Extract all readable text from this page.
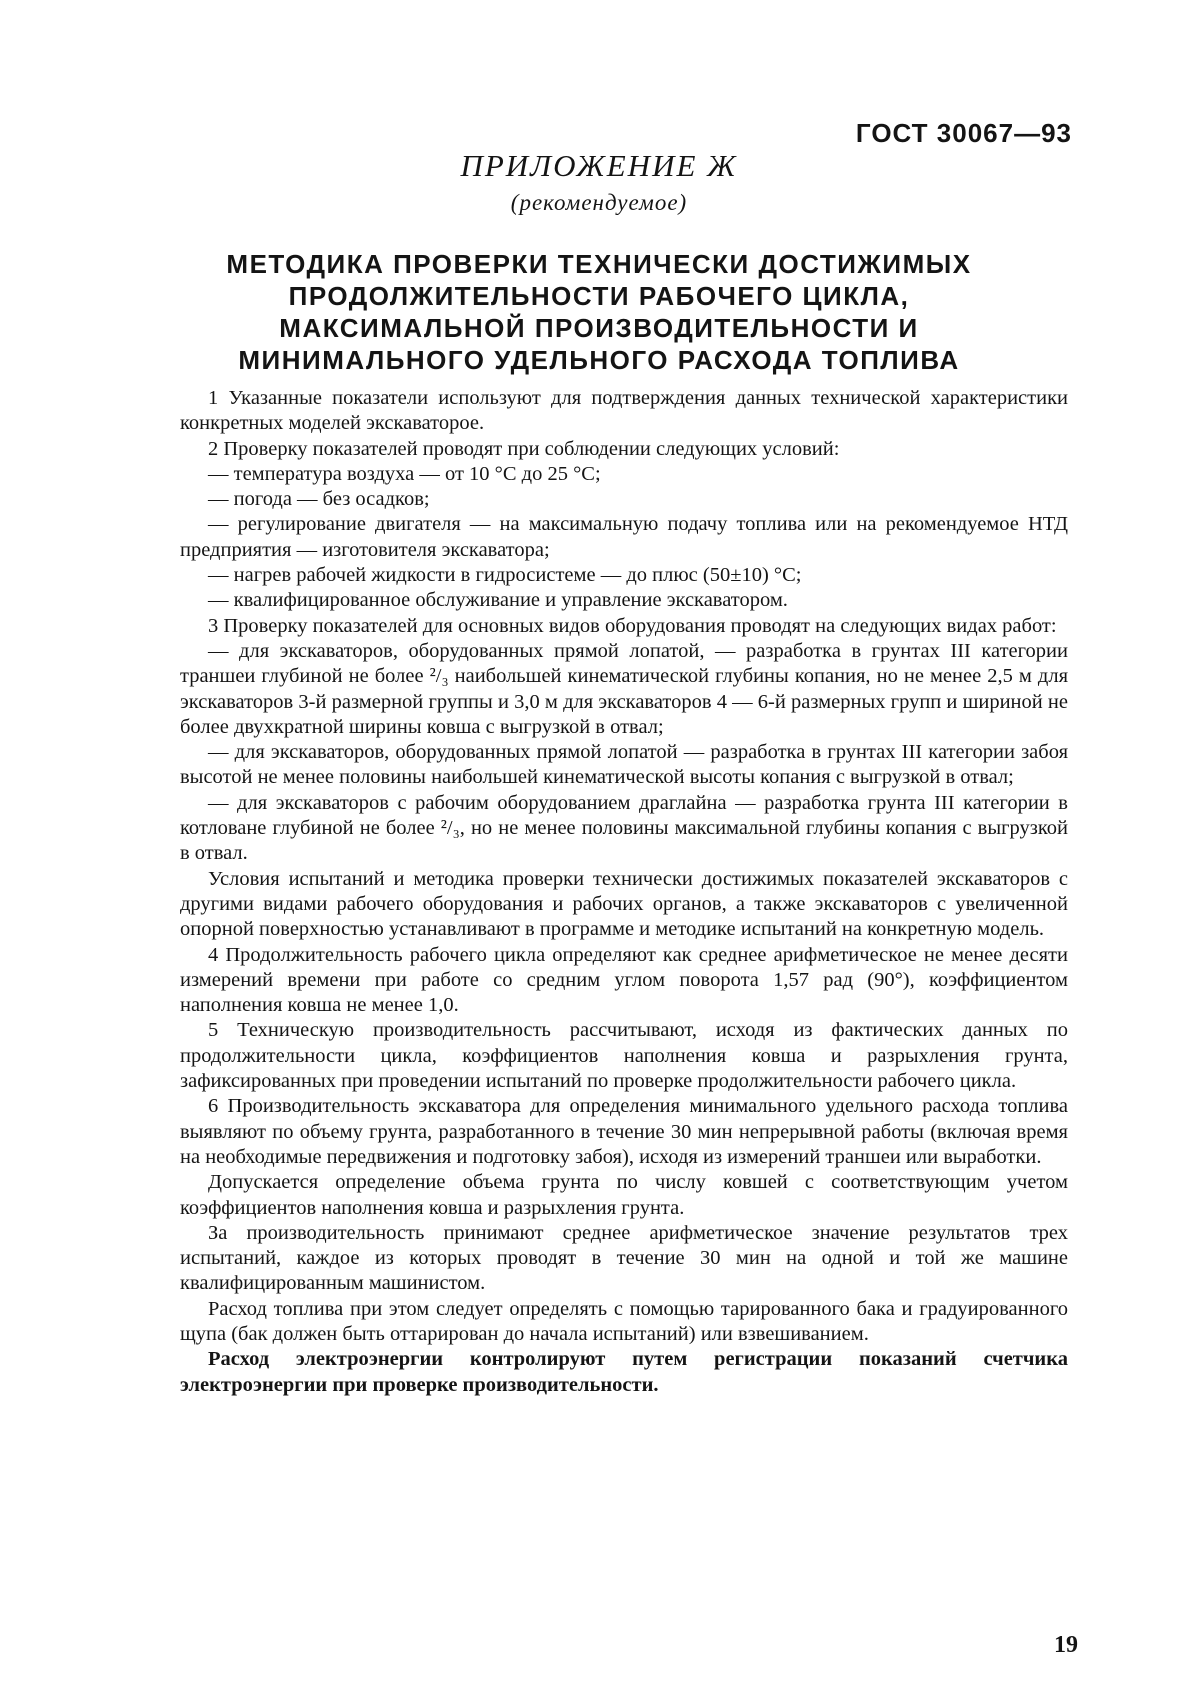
ГОСТ 30067—93
ПРИЛОЖЕНИЕ Ж
(рекомендуемое)
МЕТОДИКА ПРОВЕРКИ ТЕХНИЧЕСКИ ДОСТИЖИМЫХ
ПРОДОЛЖИТЕЛЬНОСТИ РАБОЧЕГО ЦИКЛА,
МАКСИМАЛЬНОЙ ПРОИЗВОДИТЕЛЬНОСТИ И
МИНИМАЛЬНОГО УДЕЛЬНОГО РАСХОДА ТОПЛИВА

1 Указанные показатели используют для подтверждения данных технической характеристики конкретных моделей экскаваторое.

2 Проверку показателей проводят при соблюдении следующих условий:

— температура воздуха — от 10 °С до 25 °С;

— погода — без осадков;

— регулирование двигателя — на максимальную подачу топлива или на рекомендуемое НТД предприятия — изготовителя экскаватора;

— нагрев рабочей жидкости в гидросистеме — до плюс (50±10) °С;

— квалифицированное обслуживание и управление экскаватором.

3 Проверку показателей для основных видов оборудования проводят на следующих видах работ:

— для экскаваторов, оборудованных прямой лопатой, — разработка в грунтах III категории траншеи глубиной не более ²/₃ наибольшей кинематической глубины копания, но не менее 2,5 м для экскаваторов 3-й размерной группы и 3,0 м для экскаваторов 4 — 6-й размерных групп и шириной не более двухкратной ширины ковша с выгрузкой в отвал;

— для экскаваторов, оборудованных прямой лопатой — разработка в грунтах III категории забоя высотой не менее половины наибольшей кинематической высоты копания с выгрузкой в отвал;

— для экскаваторов с рабочим оборудованием драглайна — разработка грунта III категории в котловане глубиной не более ²/₃, но не менее половины максимальной глубины копания с выгрузкой в отвал.

Условия испытаний и методика проверки технически достижимых показателей экскаваторов с другими видами рабочего оборудования и рабочих органов, а также экскаваторов с увеличенной опорной поверхностью устанавливают в программе и методике испытаний на конкретную модель.

4 Продолжительность рабочего цикла определяют как среднее арифметическое не менее десяти измерений времени при работе со средним углом поворота 1,57 рад (90°), коэффициентом наполнения ковша не менее 1,0.

5 Техническую производительность рассчитывают, исходя из фактических данных по продолжительности цикла, коэффициентов наполнения ковша и разрыхления грунта, зафиксированных при проведении испытаний по проверке продолжительности рабочего цикла.

6 Производительность экскаватора для определения минимального удельного расхода топлива выявляют по объему грунта, разработанного в течение 30 мин непрерывной работы (включая время на необходимые передвижения и подготовку забоя), исходя из измерений траншеи или выработки.

Допускается определение объема грунта по числу ковшей с соответствующим учетом коэффициентов наполнения ковша и разрыхления грунта.

За производительность принимают среднее арифметическое значение результатов трех испытаний, каждое из которых проводят в течение 30 мин на одной и той же машине квалифицированным машинистом.

Расход топлива при этом следует определять с помощью тарированного бака и градуированного щупа (бак должен быть оттарирован до начала испытаний) или взвешиванием.

Расход электроэнергии контролируют путем регистрации показаний счетчика электроэнергии при проверке производительности.

19
